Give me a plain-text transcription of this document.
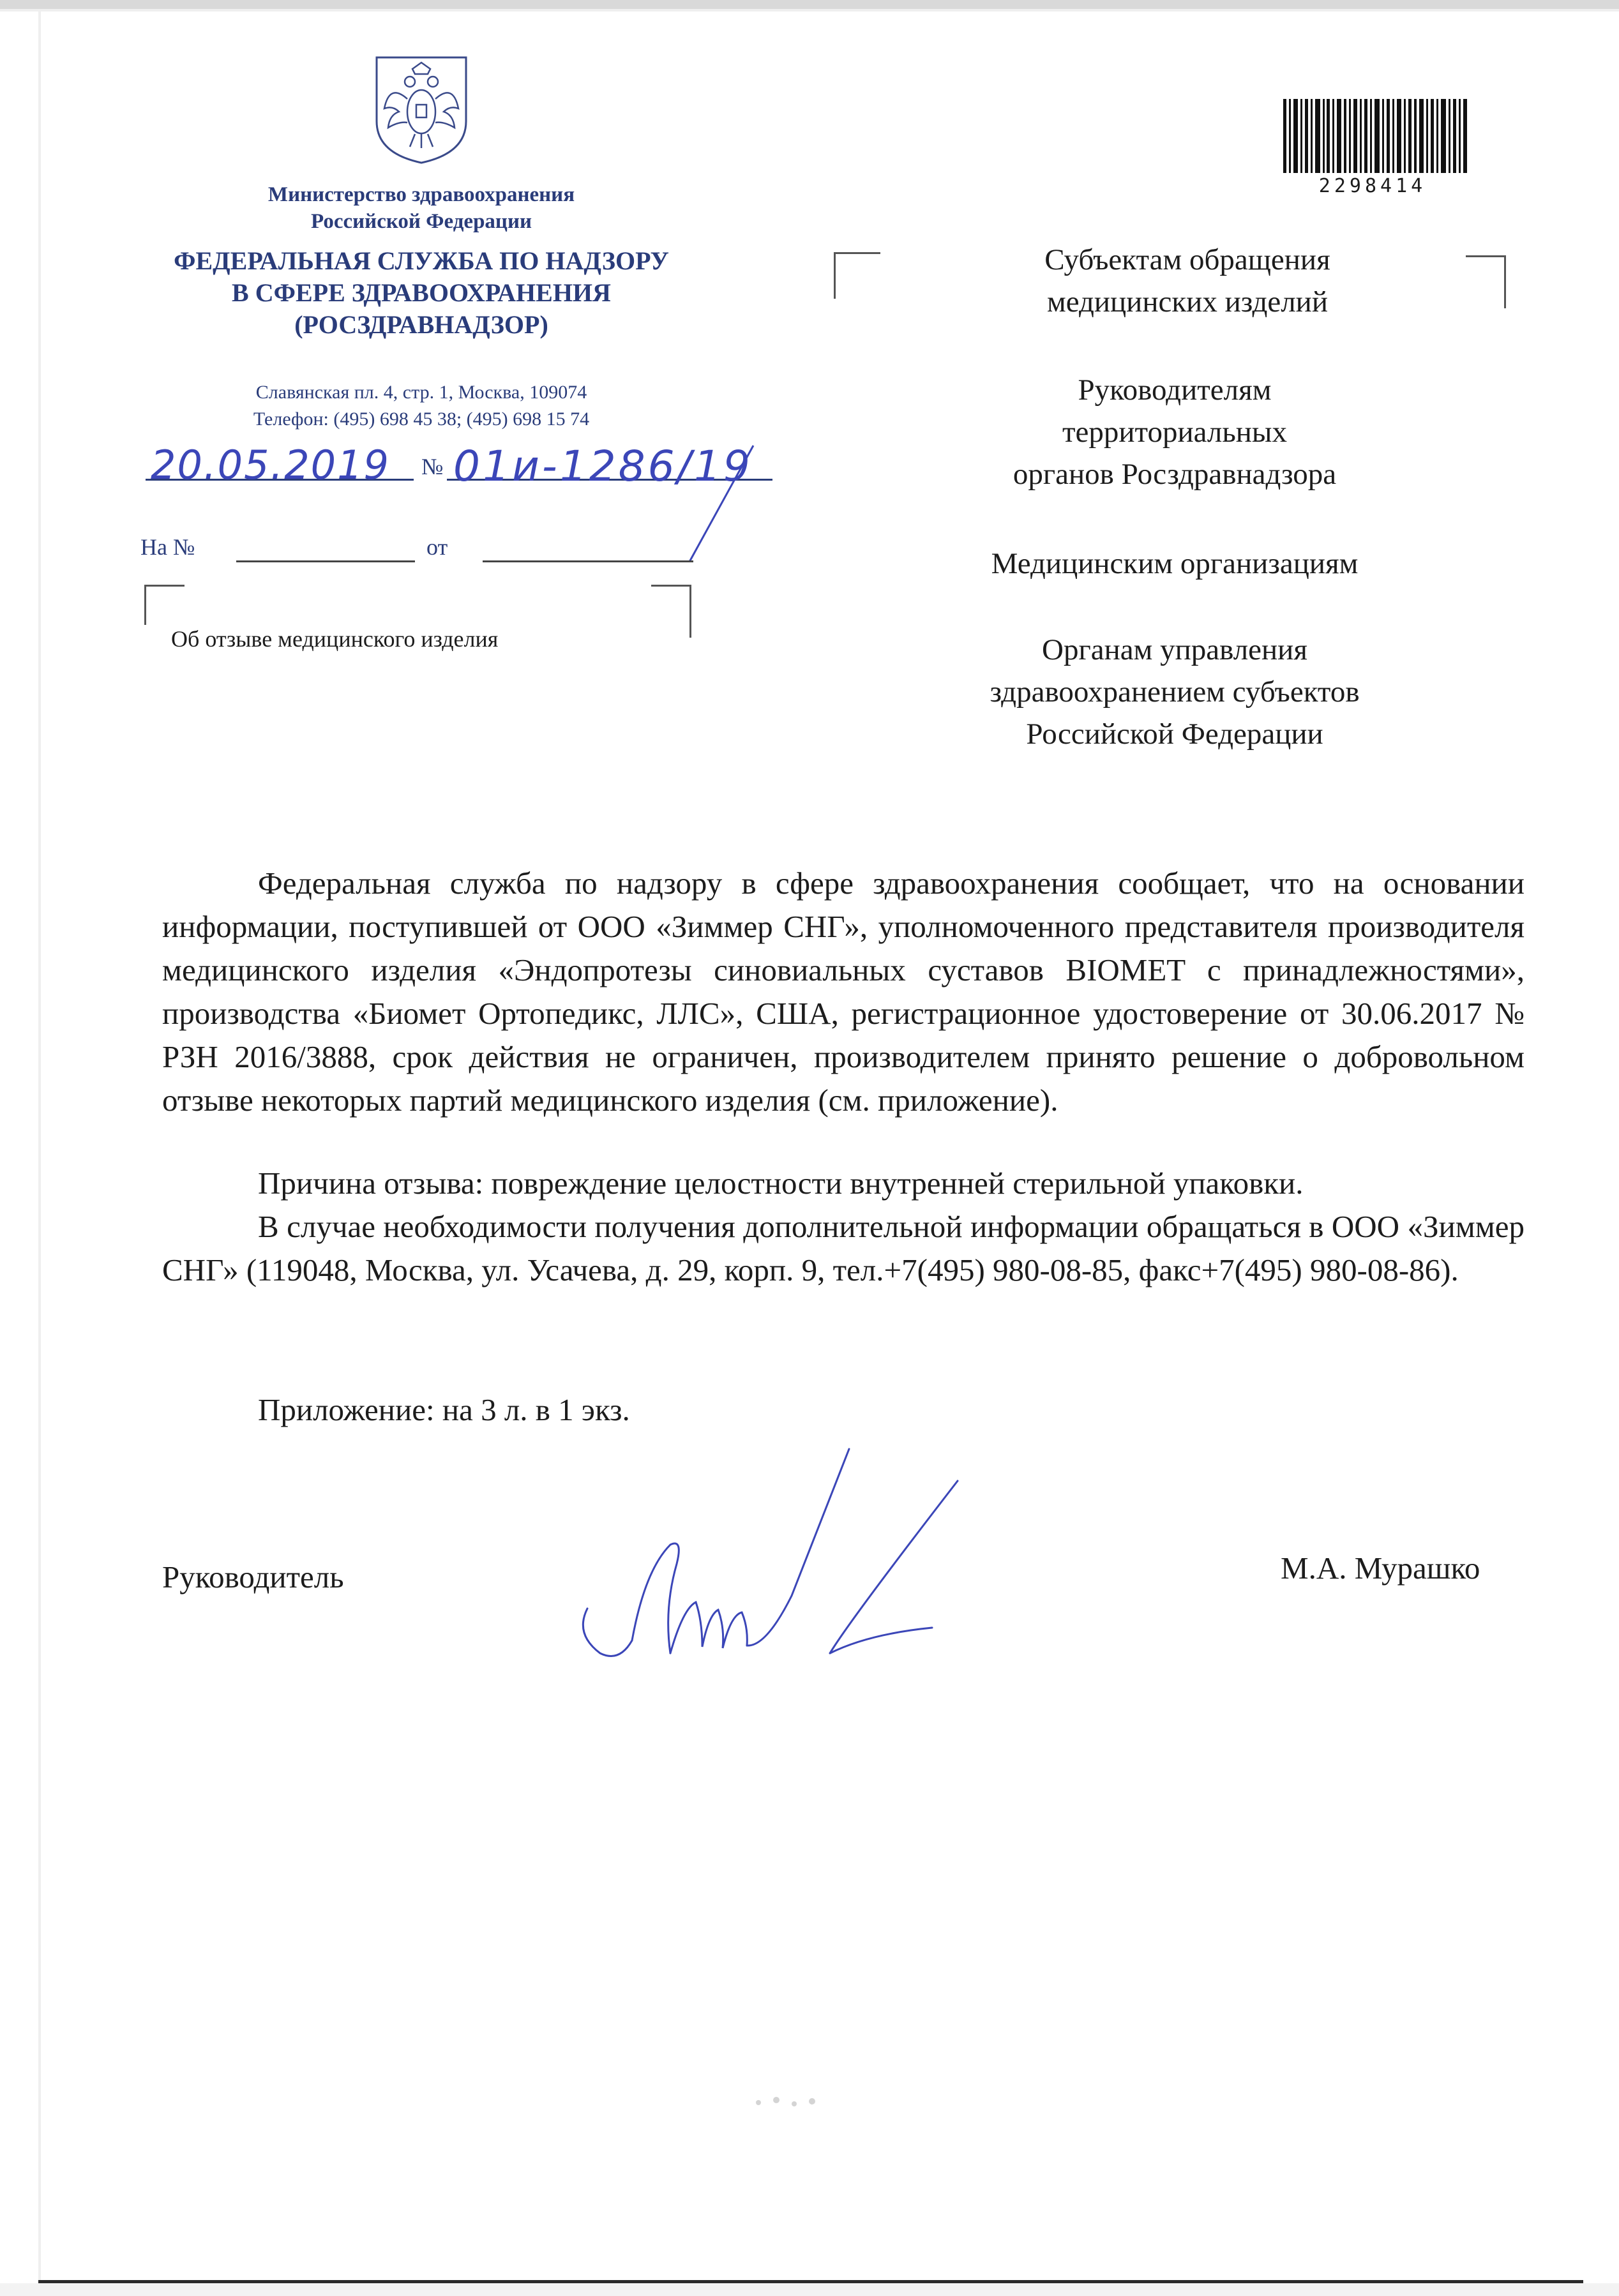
Министерство здравоохранения
Российской Федерации
ФЕДЕРАЛЬНАЯ СЛУЖБА ПО НАДЗОРУ
В СФЕРЕ ЗДРАВООХРАНЕНИЯ
(РОСЗДРАВНАДЗОР)
Славянская пл. 4, стр. 1, Москва, 109074
Телефон: (495) 698 45 38; (495) 698 15 74
20.05.2019 № 01и-1286/19
На №	от
Об отзыве медицинского изделия
2298414
Субъектам обращения
медицинских изделий
Руководителям
территориальных
органов Росздравнадзора
Медицинским организациям
Органам управления
здравоохранением субъектов
Российской Федерации
Федеральная служба по надзору в сфере здравоохранения сообщает, что на основании информации, поступившей от ООО «Зиммер СНГ», уполномоченного представителя производителя медицинского изделия «Эндопротезы синовиальных суставов BIOMET с принадлежностями», производства «Биомет Ортопедикс, ЛЛС», США, регистрационное удостоверение от 30.06.2017 № РЗН 2016/3888, срок действия не ограничен, производителем принято решение о добровольном отзыве некоторых партий медицинского изделия (см. приложение).
Причина отзыва: повреждение целостности внутренней стерильной упаковки.
В случае необходимости получения дополнительной информации обращаться в ООО «Зиммер СНГ» (119048, Москва, ул. Усачева, д. 29, корп. 9, тел.+7(495) 980-08-85, факс+7(495) 980-08-86).
Приложение: на 3 л. в 1 экз.
Руководитель	М.А. Мурашко
